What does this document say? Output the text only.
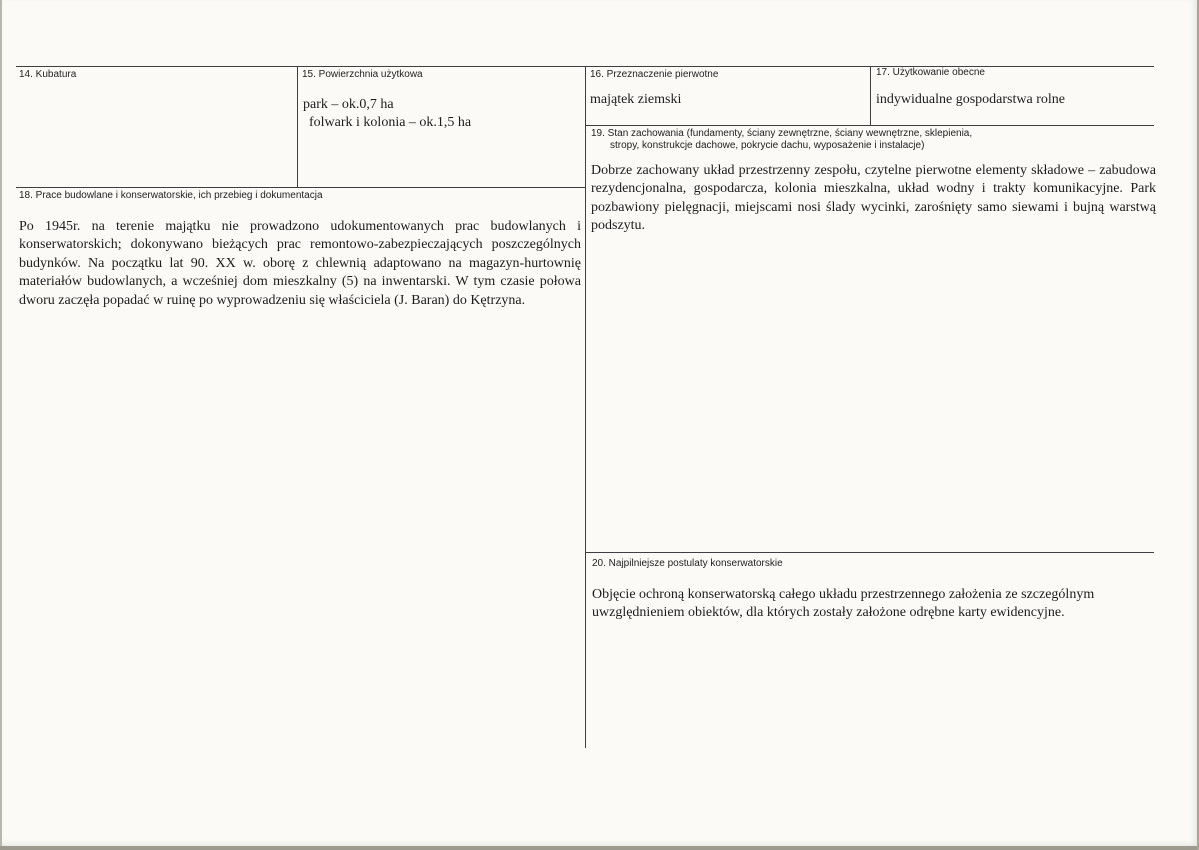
14. Kubatura	15. Powierzchnia użytkowa
park – ok.0,7 ha
folwark i kolonia – ok.1,5 ha
16. Przeznaczenie pierwotne
majątek ziemski
17. Użytkowanie obecne
indywidualne gospodarstwa rolne
19. Stan zachowania (fundamenty, ściany zewnętrzne, ściany wewnętrzne, sklepienia,
stropy, konstrukcje dachowe, pokrycie dachu, wyposażenie i instalacje)
Dobrze zachowany układ przestrzenny zespołu, czytelne pierwotne elementy składowe – zabudowa rezydencjonalna, gospodarcza, kolonia mieszkalna, układ wodny i trakty komunikacyjne. Park pozbawiony pielęgnacji, miejscami nosi ślady wycinki, zarośnięty samo siewami i bujną warstwą podszytu.
18. Prace budowlane i konserwatorskie, ich przebieg i dokumentacja
Po 1945r. na terenie majątku nie prowadzono udokumentowanych prac budowlanych i konserwatorskich; dokonywano bieżących prac remontowo-zabezpieczających poszczególnych budynków. Na początku lat 90. XX w. oborę z chlewnią adaptowano na magazyn-hurtownię materiałów budowlanych, a wcześniej dom mieszkalny (5) na inwentarski. W tym czasie połowa dworu zaczęła popadać w ruinę po wyprowadzeniu się właściciela (J. Baran) do Kętrzyna.
20. Najpilniejsze postulaty konserwatorskie
Objęcie ochroną konserwatorską całego układu przestrzennego założenia ze szczególnym uwzględnieniem obiektów, dla których zostały założone odrębne karty ewidencyjne.
